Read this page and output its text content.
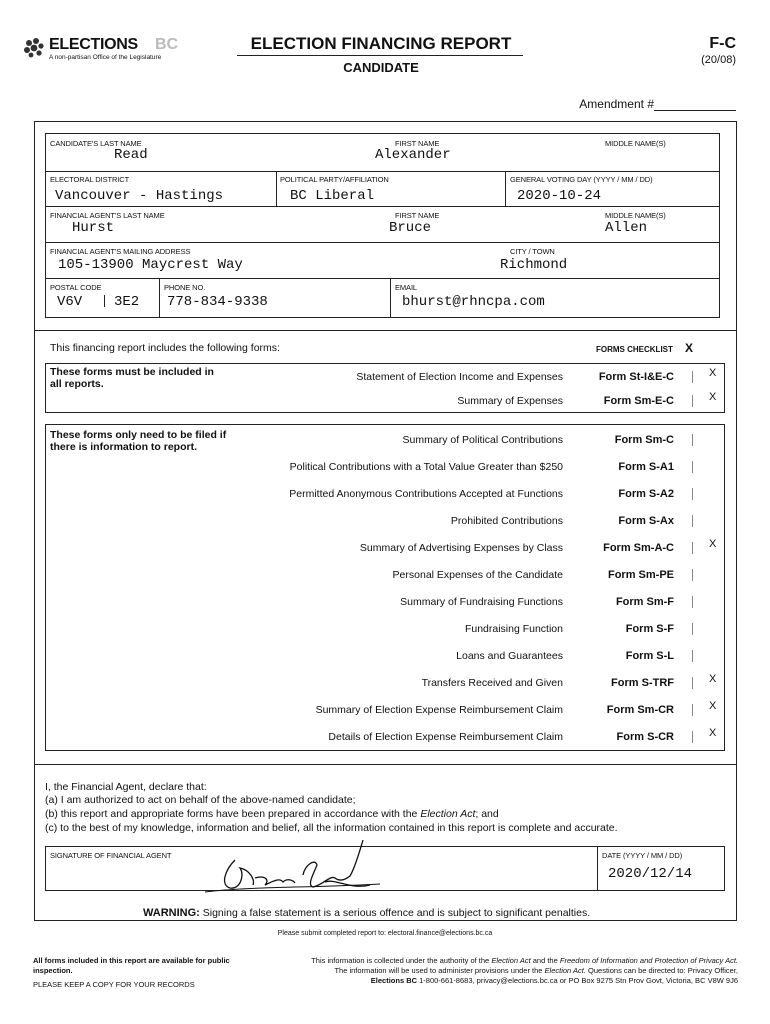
ELECTIONS BC
A non-partisan Office of the Legislature
ELECTION FINANCING REPORT
CANDIDATE
F-C
(20/08)
Amendment #
CANDIDATE'S LAST NAME
Read
FIRST NAME
Alexander
MIDDLE NAME(S)
ELECTORAL DISTRICT
Vancouver - Hastings
POLITICAL PARTY/AFFILIATION
BC Liberal
GENERAL VOTING DAY (YYYY / MM / DD)
2020-10-24
FINANCIAL AGENT'S LAST NAME
Hurst
FIRST NAME
Bruce
MIDDLE NAME(S)
Allen
FINANCIAL AGENT'S MAILING ADDRESS
105-13900 Maycrest Way
CITY / TOWN
Richmond
POSTAL CODE
V6V 3E2
PHONE NO.
778-834-9338
EMAIL
bhurst@rhncpa.com
This financing report includes the following forms:	FORMS CHECKLIST X
These forms must be included in all reports.
Statement of Election Income and Expenses	Form St-I&E-C	X
Summary of Expenses	Form Sm-E-C	X
These forms only need to be filed if there is information to report.
Summary of Political Contributions	Form Sm-C
Political Contributions with a Total Value Greater than $250	Form S-A1
Permitted Anonymous Contributions Accepted at Functions	Form S-A2
Prohibited Contributions	Form S-Ax
Summary of Advertising Expenses by Class	Form Sm-A-C	X
Personal Expenses of the Candidate	Form Sm-PE
Summary of Fundraising Functions	Form Sm-F
Fundraising Function	Form S-F
Loans and Guarantees	Form S-L
Transfers Received and Given	Form S-TRF	X
Summary of Election Expense Reimbursement Claim	Form Sm-CR	X
Details of Election Expense Reimbursement Claim	Form S-CR	X
I, the Financial Agent, declare that:
(a) I am authorized to act on behalf of the above-named candidate;
(b) this report and appropriate forms have been prepared in accordance with the Election Act; and
(c) to the best of my knowledge, information and belief, all the information contained in this report is complete and accurate.
SIGNATURE OF FINANCIAL AGENT	DATE (YYYY / MM / DD)
2020/12/14
WARNING: Signing a false statement is a serious offence and is subject to significant penalties.
Please submit completed report to: electoral.finance@elections.bc.ca
All forms included in this report are available for public inspection.
PLEASE KEEP A COPY FOR YOUR RECORDS
This information is collected under the authority of the Election Act and the Freedom of Information and Protection of Privacy Act.
The information will be used to administer provisions under the Election Act. Questions can be directed to: Privacy Officer,
Elections BC 1-800-661-8683, privacy@elections.bc.ca or PO Box 9275 Stn Prov Govt, Victoria, BC V8W 9J6
